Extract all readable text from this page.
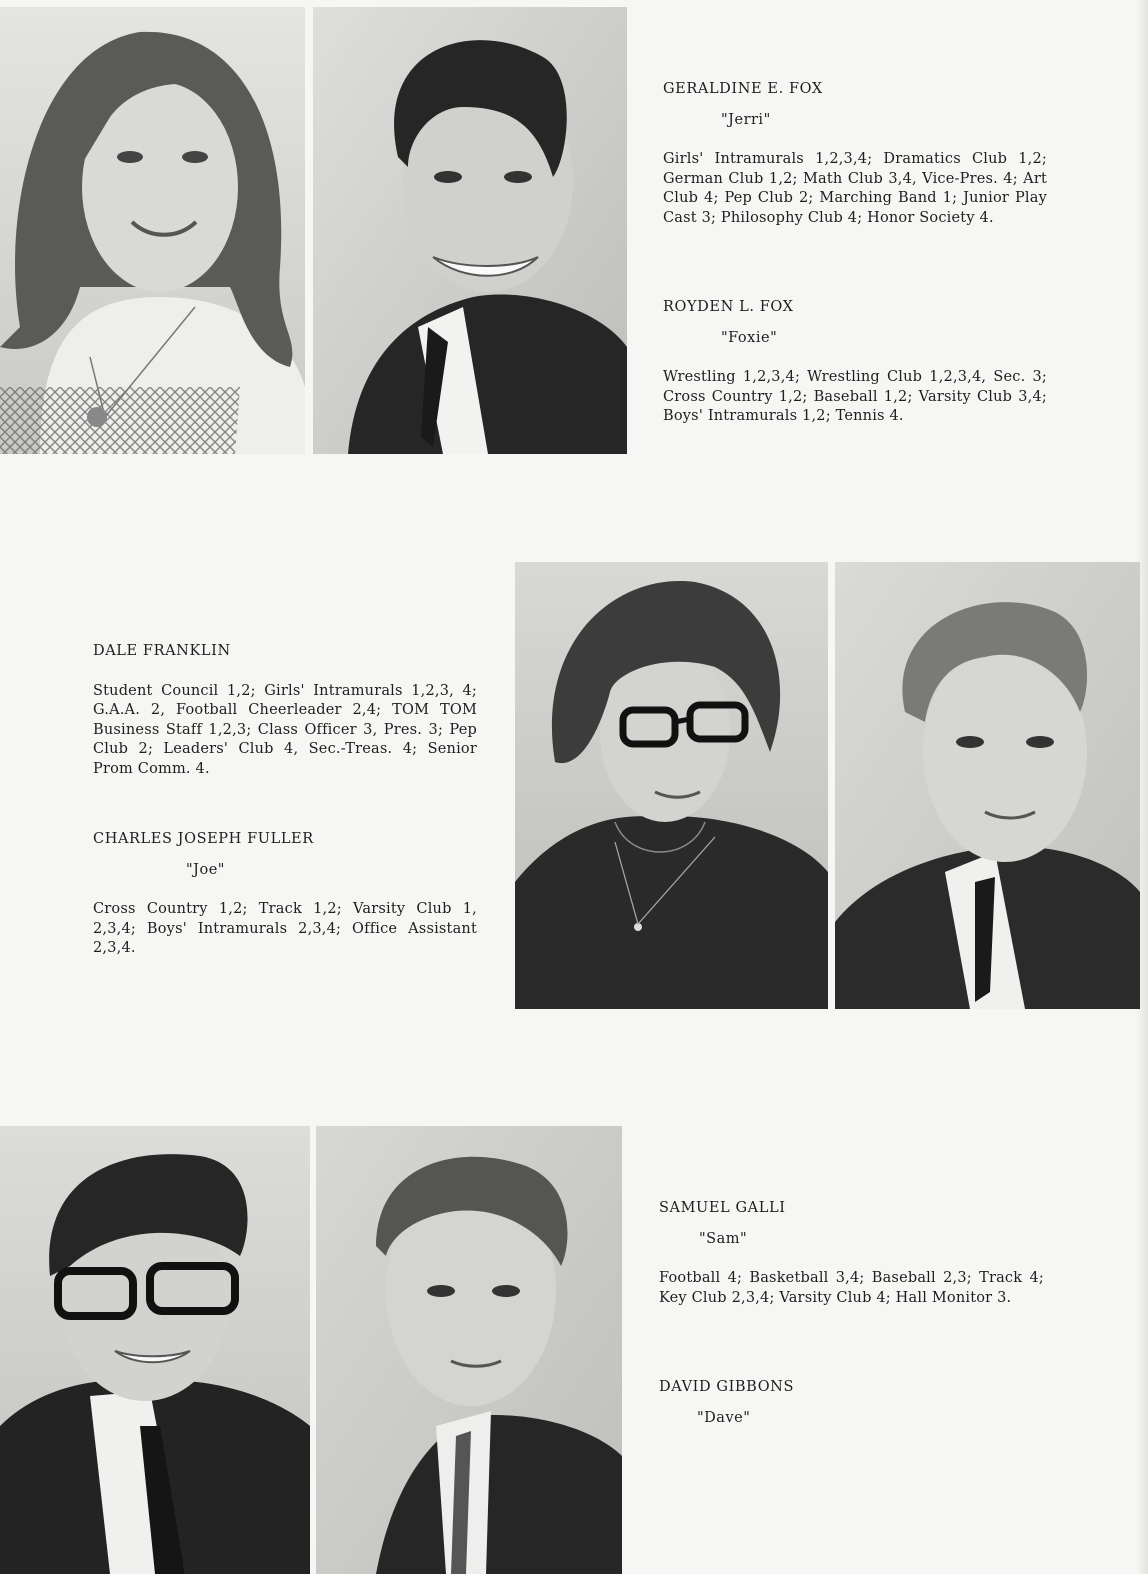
GERALDINE E. FOX

"Jerri"

Girls' Intramurals 1,2,3,4; Dramatics Club 1,2; German Club 1,2; Math Club 3,4, Vice-Pres. 4; Art Club 4; Pep Club 2; Marching Band 1; Junior Play Cast 3; Philosophy Club 4; Honor Society 4.

ROYDEN L. FOX

"Foxie"

Wrestling 1,2,3,4; Wrestling Club 1,2,3,4, Sec. 3; Cross Country 1,2; Baseball 1,2; Varsity Club 3,4; Boys' Intramurals 1,2; Tennis 4.

DALE FRANKLIN

Student Council 1,2; Girls' Intramurals 1,2,3, 4; G.A.A. 2, Football Cheerleader 2,4; TOM TOM Business Staff 1,2,3; Class Officer 3, Pres. 3; Pep Club 2; Leaders' Club 4, Sec.-Treas. 4; Senior Prom Comm. 4.

CHARLES JOSEPH FULLER

"Joe"

Cross Country 1,2; Track 1,2; Varsity Club 1, 2,3,4; Boys' Intramurals 2,3,4; Office Assistant 2,3,4.

SAMUEL GALLI

"Sam"

Football 4; Basketball 3,4; Baseball 2,3; Track 4; Key Club 2,3,4; Varsity Club 4; Hall Monitor 3.

DAVID GIBBONS

"Dave"
